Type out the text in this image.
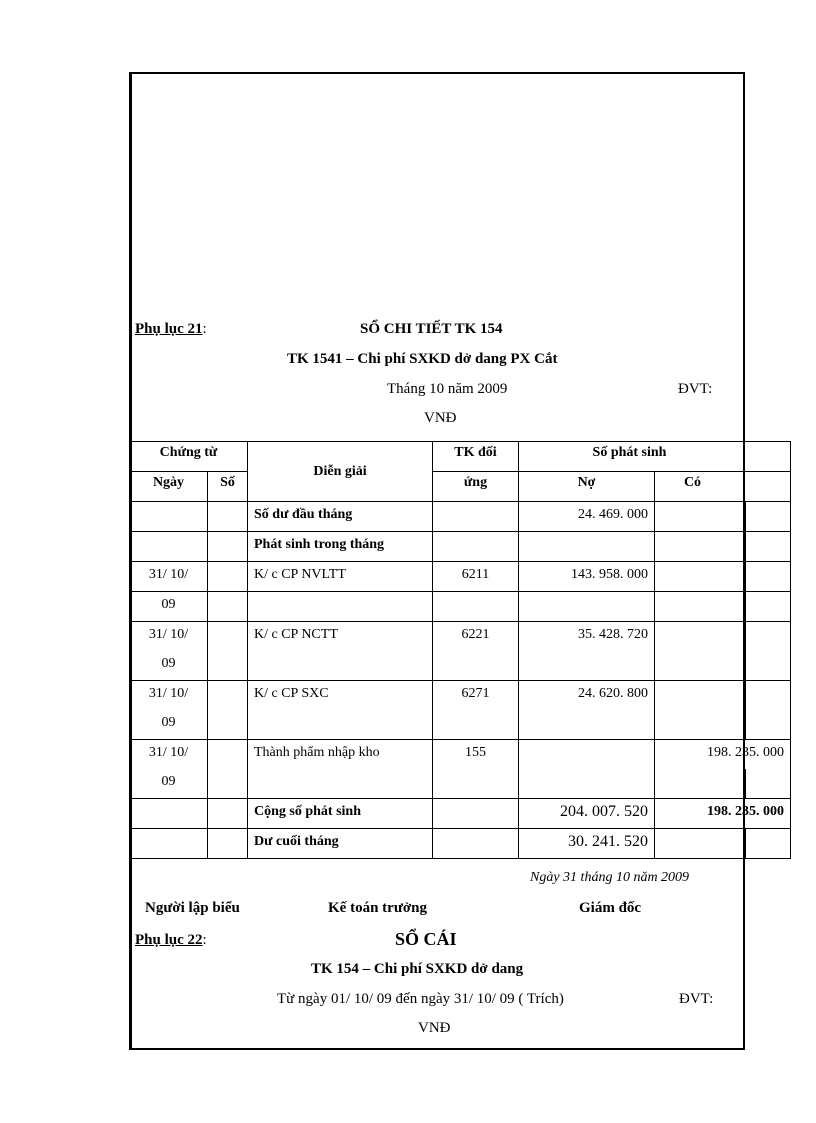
Phụ lục 21:	SỔ CHI TIẾT TK 154
TK 1541 – Chi phí SXKD dở dang PX Cắt
Tháng 10 năm 2009	ĐVT:
VNĐ
Chứng từ		Diễn giải	TK đối	Số phát sinh		
Ngày	Số		ứng	Nợ	Có	
		Số dư đầu tháng		24. 469. 000		
		Phát sinh trong tháng				
31/ 10/		K/ c CP NVLTT	6211	143. 958. 000		
09						
31/ 10/		K/ c CP NCTT	6221	35. 428. 720		
09						
31/ 10/		K/ c CP SXC	6271	24. 620. 800		
09						
31/ 10/		Thành phẩm nhập kho	155		198. 235. 000	
09						
		Cộng số phát sinh		204. 007. 520	198. 235. 000	
		Dư cuối tháng		30. 241. 520		
Ngày 31 tháng 10 năm 2009
Người lập biểu	Kế toán trưởng	Giám đốc
Phụ lục 22:	SỔ CÁI
TK 154 – Chi phí SXKD dở dang
Từ ngày 01/ 10/ 09 đến ngày 31/ 10/ 09 ( Trích)	ĐVT:
VNĐ
